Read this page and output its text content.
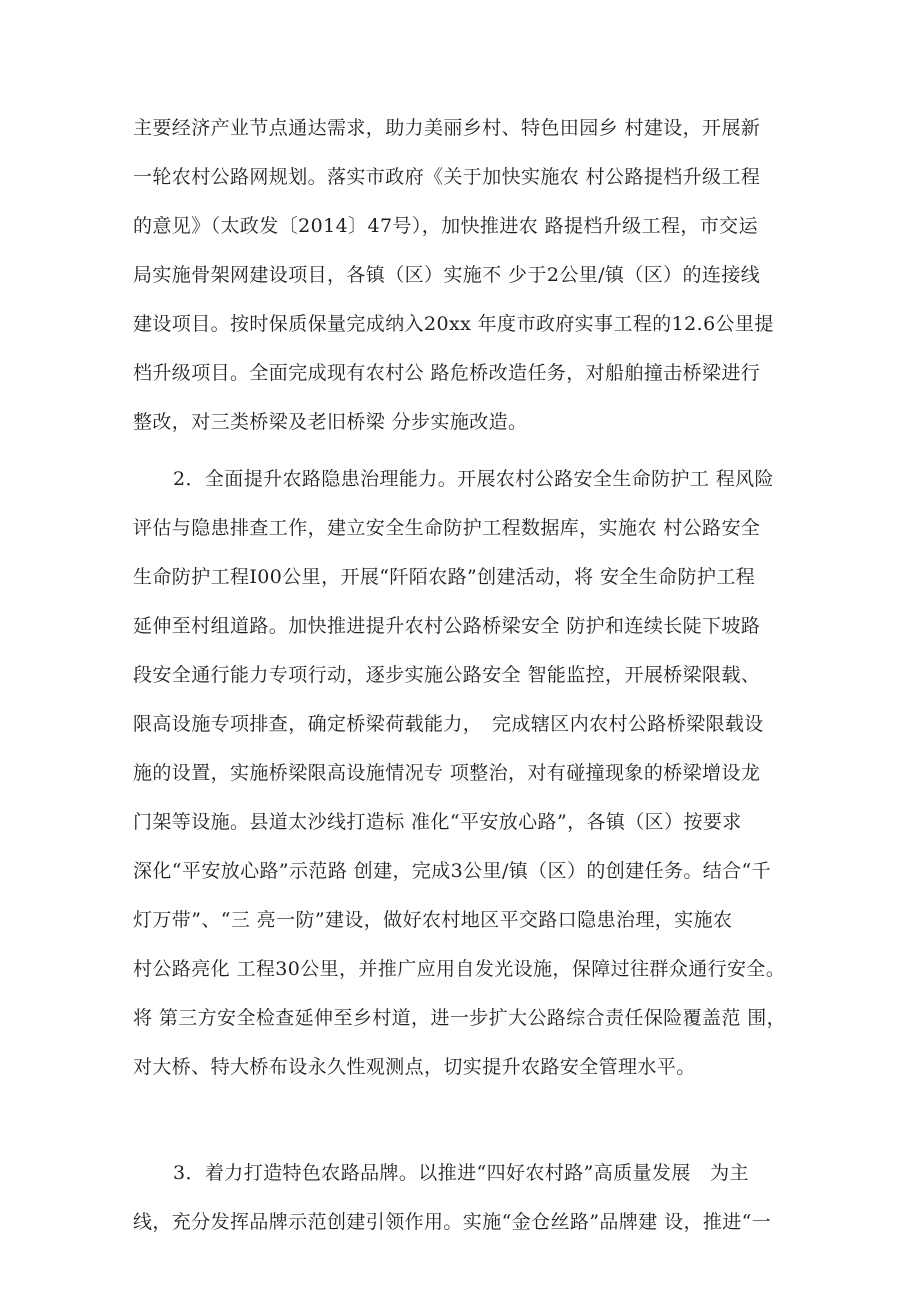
主要经济产业节点通达需求，助力美丽乡村、特色田园乡 村建设，开展新
一轮农村公路网规划。落实市政府《关于加快实施农 村公路提档升级工程
的意见》（太政发〔2014〕47号），加快推进农 路提档升级工程，市交运
局实施骨架网建设项目，各镇（区）实施不 少于2公里/镇（区）的连接线
建设项目。按时保质保量完成纳入20xx 年度市政府实事工程的12.6公里提
档升级项目。全面完成现有农村公 路危桥改造任务，对船舶撞击桥梁进行
整改，对三类桥梁及老旧桥梁 分步实施改造。
2．全面提升农路隐患治理能力。开展农村公路安全生命防护工 程风险
评估与隐患排查工作，建立安全生命防护工程数据库，实施农 村公路安全
生命防护工程I00公里，开展“阡陌农路”创建活动，将 安全生命防护工程
延伸至村组道路。加快推进提升农村公路桥梁安全 防护和连续长陡下坡路
段安全通行能力专项行动，逐步实施公路安全 智能监控，开展桥梁限载、
限高设施专项排查，确定桥梁荷载能力，　完成辖区内农村公路桥梁限载设
施的设置，实施桥梁限高设施情况专 项整治，对有碰撞现象的桥梁增设龙
门架等设施。县道太沙线打造标 准化“平安放心路”，各镇（区）按要求
深化“平安放心路”示范路 创建，完成3公里/镇（区）的创建任务。结合“千
灯万带”、“三 亮一防”建设，做好农村地区平交路口隐患治理，实施农
村公路亮化 工程30公里，并推广应用自发光设施，保障过往群众通行安全。
将 第三方安全检查延伸至乡村道，进一步扩大公路综合责任保险覆盖范 围，
对大桥、特大桥布设永久性观测点，切实提升农路安全管理水平。
3．着力打造特色农路品牌。以推进“四好农村路”高质量发展　为主
线，充分发挥品牌示范创建引领作用。实施“金仓丝路”品牌建 设，推进“一
